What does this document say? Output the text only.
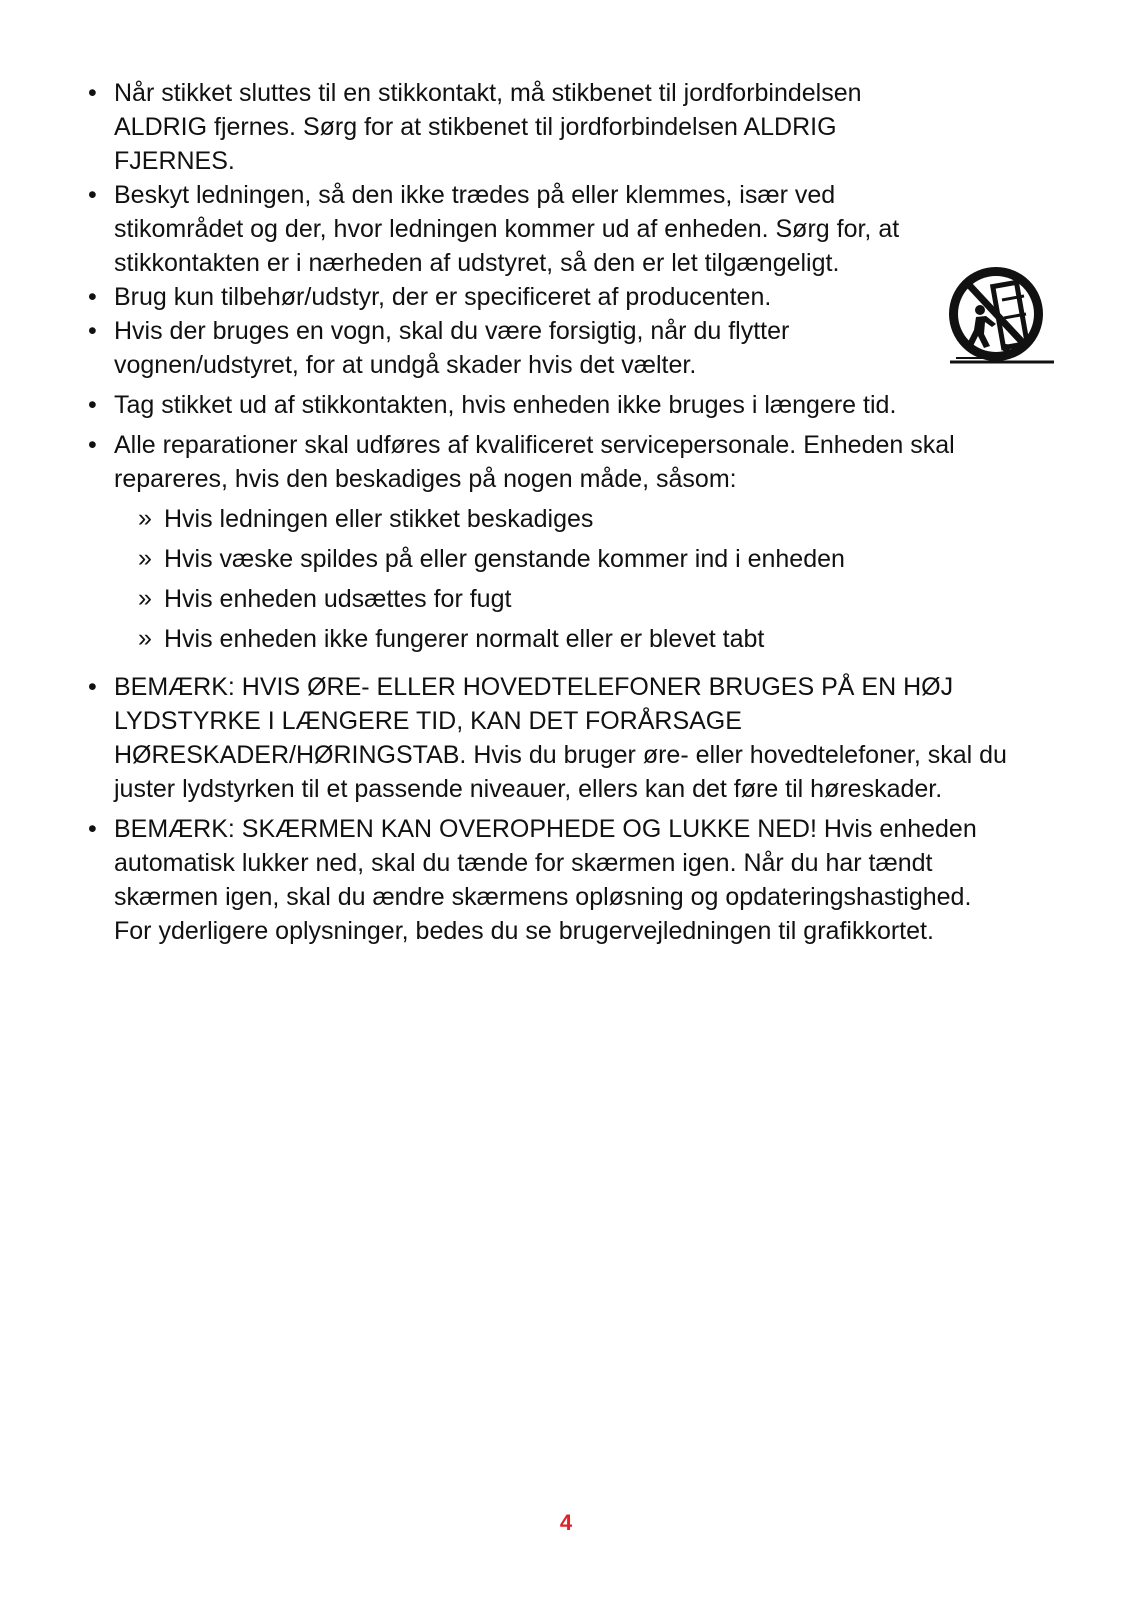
• Når stikket sluttes til en stikkontakt, må stikbenet til jordforbindelsen ALDRIG fjernes. Sørg for at stikbenet til jordforbindelsen ALDRIG FJERNES.
• Beskyt ledningen, så den ikke trædes på eller klemmes, især ved stikområdet og der, hvor ledningen kommer ud af enheden. Sørg for, at stikkontakten er i nærheden af udstyret, så den er let tilgængeligt.
• Brug kun tilbehør/udstyr, der er specificeret af producenten.
• Hvis der bruges en vogn, skal du være forsigtig, når du flytter vognen/udstyret, for at undgå skader hvis det vælter.
• Tag stikket ud af stikkontakten, hvis enheden ikke bruges i længere tid.
• Alle reparationer skal udføres af kvalificeret servicepersonale. Enheden skal repareres, hvis den beskadiges på nogen måde, såsom:
» Hvis ledningen eller stikket beskadiges
» Hvis væske spildes på eller genstande kommer ind i enheden
» Hvis enheden udsættes for fugt
» Hvis enheden ikke fungerer normalt eller er blevet tabt
• BEMÆRK: HVIS ØRE- ELLER HOVEDTELEFONER BRUGES PÅ EN HØJ LYDSTYRKE I LÆNGERE TID, KAN DET FORÅRSAGE HØRESKADER/HØRINGSTAB. Hvis du bruger øre- eller hovedtelefoner, skal du juster lydstyrken til et passende niveauer, ellers kan det føre til høreskader.
• BEMÆRK: SKÆRMEN KAN OVEROPHEDE OG LUKKE NED! Hvis enheden automatisk lukker ned, skal du tænde for skærmen igen. Når du har tændt skærmen igen, skal du ændre skærmens opløsning og opdateringshastighed. For yderligere oplysninger, bedes du se brugervejledningen til grafikkortet.
4
